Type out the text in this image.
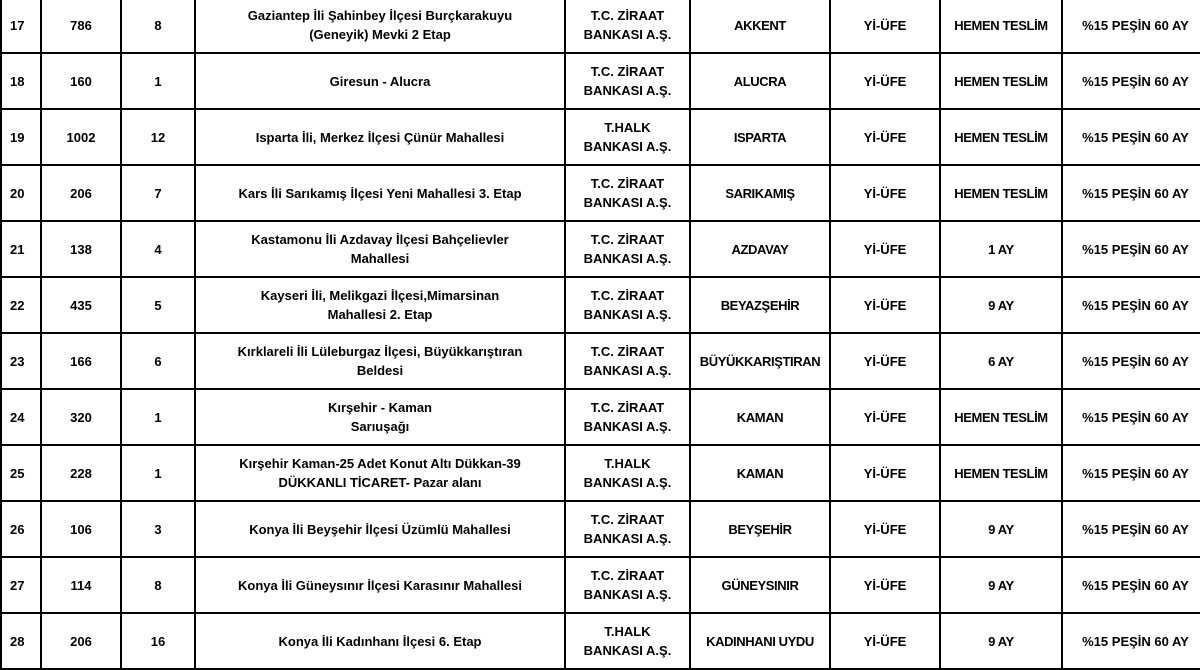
17	786	8	Gaziantep İli Şahinbey İlçesi Burçkarakuyu
(Geneyik) Mevki 2 Etap	T.C. ZİRAAT
BANKASI A.Ş.	AKKENT	Yİ-ÜFE	HEMEN TESLİM	%15 PEŞİN 60 AY
18	160	1	Giresun - Alucra	T.C. ZİRAAT
BANKASI A.Ş.	ALUCRA	Yİ-ÜFE	HEMEN TESLİM	%15 PEŞİN 60 AY
19	1002	12	Isparta İli, Merkez İlçesi Çünür Mahallesi	T.HALK
BANKASI A.Ş.	ISPARTA	Yİ-ÜFE	HEMEN TESLİM	%15 PEŞİN 60 AY
20	206	7	Kars İli Sarıkamış İlçesi Yeni Mahallesi 3. Etap	T.C. ZİRAAT
BANKASI A.Ş.	SARIKAMIŞ	Yİ-ÜFE	HEMEN TESLİM	%15 PEŞİN 60 AY
21	138	4	Kastamonu İli Azdavay İlçesi Bahçelievler
Mahallesi	T.C. ZİRAAT
BANKASI A.Ş.	AZDAVAY	Yİ-ÜFE	1 AY	%15 PEŞİN 60 AY
22	435	5	Kayseri İli, Melikgazi İlçesi,Mimarsinan
Mahallesi 2. Etap	T.C. ZİRAAT
BANKASI A.Ş.	BEYAZŞEHİR	Yİ-ÜFE	9 AY	%15 PEŞİN 60 AY
23	166	6	Kırklareli İli Lüleburgaz İlçesi, Büyükkarıştıran
Beldesi	T.C. ZİRAAT
BANKASI A.Ş.	BÜYÜKKARIŞTIRAN	Yİ-ÜFE	6 AY	%15 PEŞİN 60 AY
24	320	1	Kırşehir - Kaman
Sarıuşağı	T.C. ZİRAAT
BANKASI A.Ş.	KAMAN	Yİ-ÜFE	HEMEN TESLİM	%15 PEŞİN 60 AY
25	228	1	Kırşehir Kaman-25 Adet Konut Altı Dükkan-39
DÜKKANLI TİCARET- Pazar alanı	T.HALK
BANKASI A.Ş.	KAMAN	Yİ-ÜFE	HEMEN TESLİM	%15 PEŞİN 60 AY
26	106	3	Konya İli Beyşehir İlçesi Üzümlü Mahallesi	T.C. ZİRAAT
BANKASI A.Ş.	BEYŞEHİR	Yİ-ÜFE	9 AY	%15 PEŞİN 60 AY
27	114	8	Konya İli Güneysınır İlçesi Karasınır Mahallesi	T.C. ZİRAAT
BANKASI A.Ş.	GÜNEYSINIR	Yİ-ÜFE	9 AY	%15 PEŞİN 60 AY
28	206	16	Konya İli Kadınhanı İlçesi 6. Etap	T.HALK
BANKASI A.Ş.	KADINHANI UYDU	Yİ-ÜFE	9 AY	%15 PEŞİN 60 AY
